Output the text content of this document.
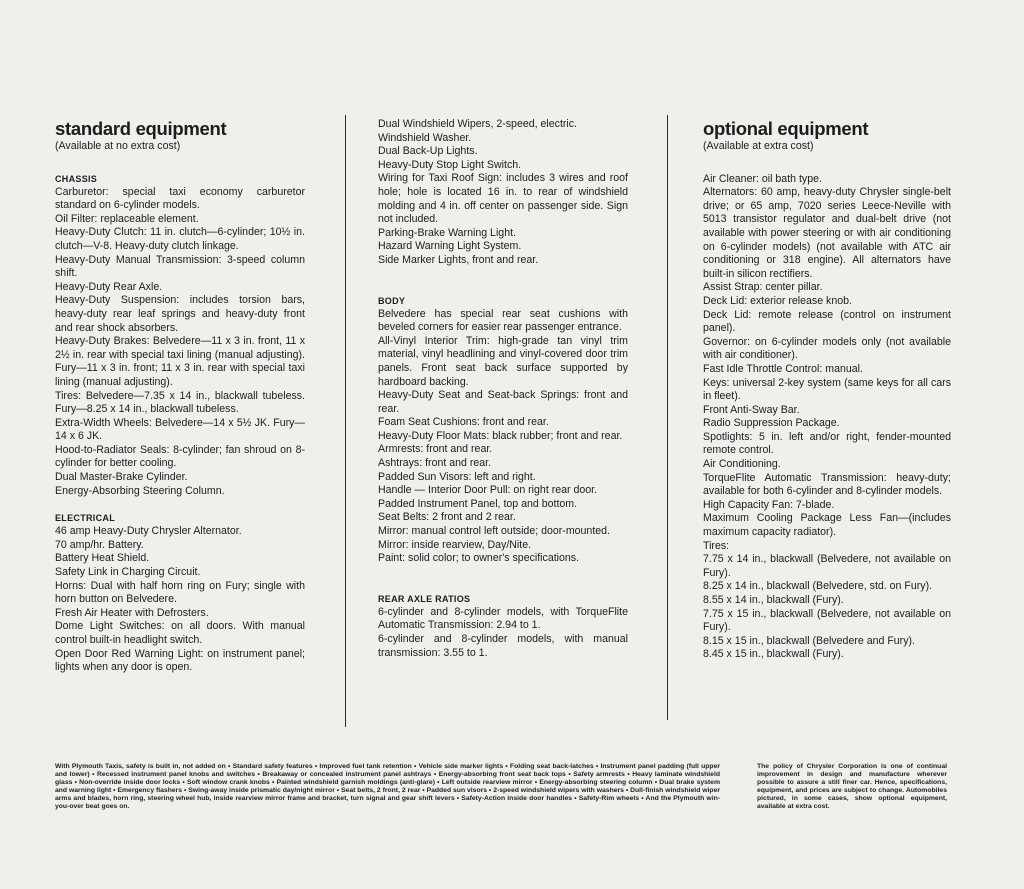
standard equipment
(Available at no extra cost)
CHASSIS

Carburetor: special taxi economy carburetor standard on 6-cylinder models.

Oil Filter: replaceable element.

Heavy-Duty Clutch: 11 in. clutch—6-cylinder; 10½ in. clutch—V-8. Heavy-duty clutch linkage.

Heavy-Duty Manual Transmission: 3-speed column shift.

Heavy-Duty Rear Axle.

Heavy-Duty Suspension: includes torsion bars, heavy-duty rear leaf springs and heavy-duty front and rear shock absorbers.

Heavy-Duty Brakes: Belvedere—11 x 3 in. front, 11 x 2½ in. rear with special taxi lining (manual adjusting). Fury—11 x 3 in. front; 11 x 3 in. rear with special taxi lining (manual adjusting).

Tires: Belvedere—7.35 x 14 in., blackwall tubeless. Fury—8.25 x 14 in., blackwall tubeless.

Extra-Width Wheels: Belvedere—14 x 5½ JK. Fury—14 x 6 JK.

Hood-to-Radiator Seals: 8-cylinder; fan shroud on 8-cylinder for better cooling.

Dual Master-Brake Cylinder.

Energy-Absorbing Steering Column.

ELECTRICAL

46 amp Heavy-Duty Chrysler Alternator.

70 amp/hr. Battery.

Battery Heat Shield.

Safety Link in Charging Circuit.

Horns: Dual with half horn ring on Fury; single with horn button on Belvedere.

Fresh Air Heater with Defrosters.

Dome Light Switches: on all doors. With manual control built-in headlight switch.

Open Door Red Warning Light: on instrument panel; lights when any door is open.

Dual Windshield Wipers, 2-speed, electric.

Windshield Washer.

Dual Back-Up Lights.

Heavy-Duty Stop Light Switch.

Wiring for Taxi Roof Sign: includes 3 wires and roof hole; hole is located 16 in. to rear of windshield molding and 4 in. off center on passenger side. Sign not included.

Parking-Brake Warning Light.

Hazard Warning Light System.

Side Marker Lights, front and rear.

BODY

Belvedere has special rear seat cushions with beveled corners for easier rear passenger entrance.

All-Vinyl Interior Trim: high-grade tan vinyl trim material, vinyl headlining and vinyl-covered door trim panels. Front seat back surface supported by hardboard backing.

Heavy-Duty Seat and Seat-back Springs: front and rear.

Foam Seat Cushions: front and rear.

Heavy-Duty Floor Mats: black rubber; front and rear.

Armrests: front and rear.

Ashtrays: front and rear.

Padded Sun Visors: left and right.

Handle — Interior Door Pull: on right rear door.

Padded Instrument Panel, top and bottom.

Seat Belts: 2 front and 2 rear.

Mirror: manual control left outside; door-mounted.

Mirror: inside rearview, Day/Nite.

Paint: solid color; to owner's specifications.

REAR AXLE RATIOS

6-cylinder and 8-cylinder models, with TorqueFlite Automatic Transmission: 2.94 to 1.

6-cylinder and 8-cylinder models, with manual transmission: 3.55 to 1.

optional equipment
(Available at extra cost)

Air Cleaner: oil bath type.

Alternators: 60 amp, heavy-duty Chrysler single-belt drive; or 65 amp, 7020 series Leece-Neville with 5013 transistor regulator and dual-belt drive (not available with power steering or with air conditioning on 6-cylinder models) (not available with ATC air conditioning or 318 engine). All alternators have built-in silicon rectifiers.

Assist Strap: center pillar.

Deck Lid: exterior release knob.

Deck Lid: remote release (control on instrument panel).

Governor: on 6-cylinder models only (not available with air conditioner).

Fast Idle Throttle Control: manual.

Keys: universal 2-key system (same keys for all cars in fleet).

Front Anti-Sway Bar.

Radio Suppression Package.

Spotlights: 5 in. left and/or right, fender-mounted remote control.

Air Conditioning.

TorqueFlite Automatic Transmission: heavy-duty; available for both 6-cylinder and 8-cylinder models.

High Capacity Fan: 7-blade.

Maximum Cooling Package Less Fan—(includes maximum capacity radiator).

Tires:

7.75 x 14 in., blackwall (Belvedere, not available on Fury).

8.25 x 14 in., blackwall (Belvedere, std. on Fury).

8.55 x 14 in., blackwall (Fury).

7.75 x 15 in., blackwall (Belvedere, not available on Fury).

8.15 x 15 in., blackwall (Belvedere and Fury).

8.45 x 15 in., blackwall (Fury).

With Plymouth Taxis, safety is built in, not added on • Standard safety features • Improved fuel tank retention • Vehicle side marker lights • Folding seat back-latches • Instrument panel padding (full upper and lower) • Recessed instrument panel knobs and switches • Breakaway or concealed instrument panel ashtrays • Energy-absorbing front seat back tops • Safety armrests • Heavy laminate windshield glass • Non-override inside door locks • Soft window crank knobs • Painted windshield garnish moldings (anti-glare) • Left outside rearview mirror • Energy-absorbing steering column • Dual brake system and warning light • Emergency flashers • Swing-away inside prismatic day/night mirror • Seat belts, 2 front, 2 rear • Padded sun visors • 2-speed windshield wipers with washers • Dull-finish windshield wiper arms and blades, horn ring, steering wheel hub, inside rearview mirror frame and bracket, turn signal and gear shift levers • Safety-Action inside door handles • Safety-Rim wheels • And the Plymouth win-you-over beat goes on.
The policy of Chrysler Corporation is one of continual improvement in design and manufacture wherever possible to assure a still finer car. Hence, specifications, equipment, and prices are subject to change. Automobiles pictured, in some cases, show optional equipment, available at extra cost.
